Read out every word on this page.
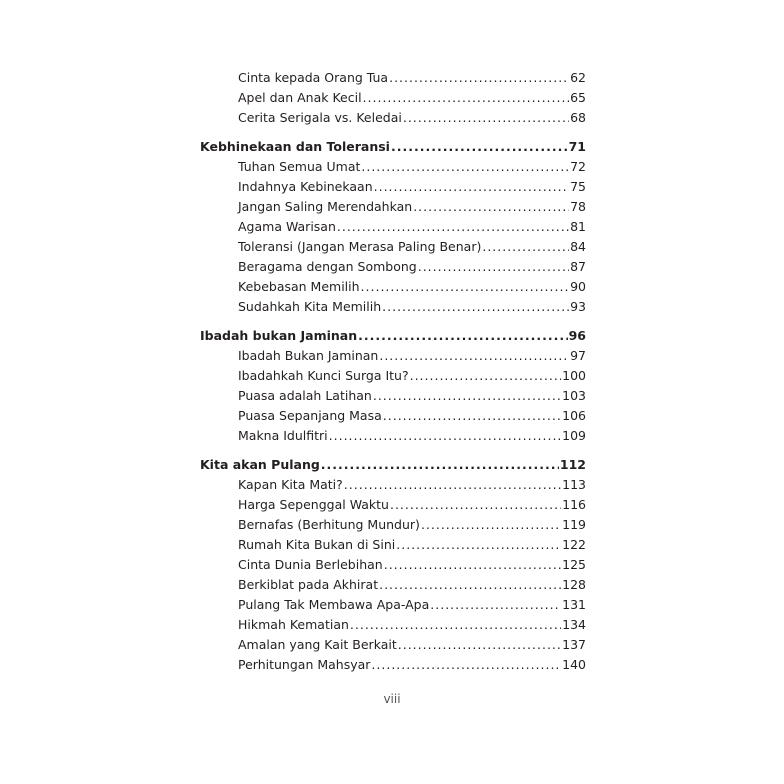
Cinta kepada Orang Tua .....	62
Apel dan Anak Kecil .....	65
Cerita Serigala vs. Keledai .....	68
Kebhinekaan dan Toleransi .....	71
Tuhan Semua Umat .....	72
Indahnya Kebinekaan .....	75
Jangan Saling Merendahkan .....	78
Agama Warisan .....	81
Toleransi (Jangan Merasa Paling Benar) .....	84
Beragama dengan Sombong .....	87
Kebebasan Memilih .....	90
Sudahkah Kita Memilih .....	93
Ibadah bukan Jaminan .....	96
Ibadah Bukan Jaminan .....	97
Ibadahkah Kunci Surga Itu? .....	100
Puasa adalah Latihan .....	103
Puasa Sepanjang Masa .....	106
Makna Idulfitri .....	109
Kita akan Pulang .....	112
Kapan Kita Mati? .....	113
Harga Sepenggal Waktu .....	116
Bernafas (Berhitung Mundur) .....	119
Rumah Kita Bukan di Sini .....	122
Cinta Dunia Berlebihan .....	125
Berkiblat pada Akhirat .....	128
Pulang Tak Membawa Apa-Apa .....	131
Hikmah Kematian .....	134
Amalan yang Kait Berkait .....	137
Perhitungan Mahsyar .....	140
viii
